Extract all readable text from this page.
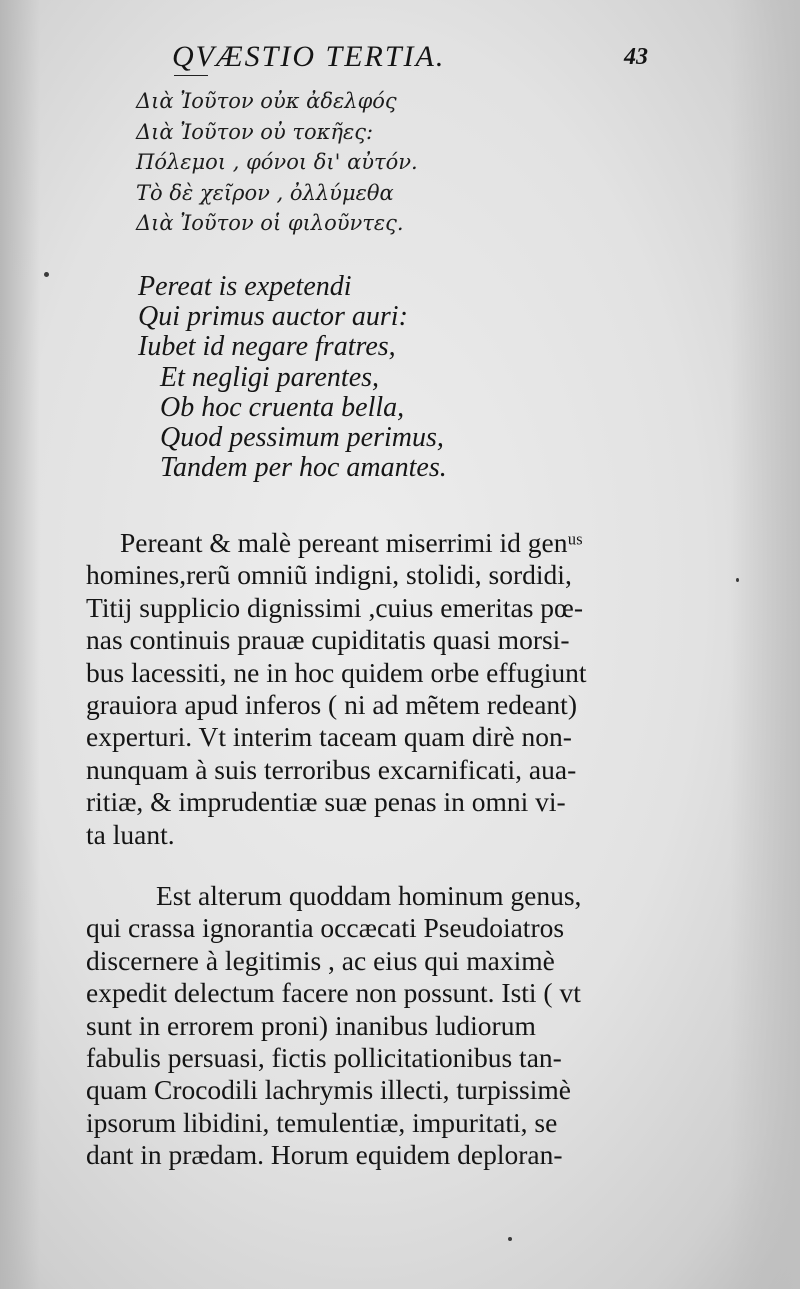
QVÆSTIO TERTIA.	43
Διὰ Ἰοῦτον οὐκ ἀδελφός
Διὰ Ἰοῦτον οὐ τοκῆες:
Πόλεμοι , φόνοι δι' αὐτόν.
Τὸ δὲ χεῖρον , ὀλλύμεθα
Διὰ Ἰοῦτον οἱ φιλοῦντες.
Pereat is expetendi
Qui primus auctor auri:
Iubet id negare fratres,
Et negligi parentes,
Ob hoc cruenta bella,
Quod pessimum perimus,
Tandem per hoc amantes.
Pereant & malè pereant miserrimi id genᵘˢ
homines,rerũ omniũ indigni, stolidi, sordidi,
Titij supplicio dignissimi ,cuius emeritas pœ-
nas continuis prauæ cupiditatis quasi morsi-
bus lacessiti, ne in hoc quidem orbe effugiunt
grauiora apud inferos ( ni ad mẽtem redeant)
experturi. Vt interim taceam quam dirè non-
nunquam à suis terroribus excarnificati, aua-
ritiæ, & imprudentiæ suæ penas in omni vi-
ta luant.
Est alterum quoddam hominum genus,
qui crassa ignorantia occæcati Pseudoiatros
discernere à legitimis , ac eius qui maximè
expedit delectum facere non possunt. Isti ( vt
sunt in errorem proni) inanibus ludiorum
fabulis persuasi, fictis pollicitationibus tan-
quam Crocodili lachrymis illecti, turpissimè
ipsorum libidini, temulentiæ, impuritati, se
dant in prædam. Horum equidem deploran-
